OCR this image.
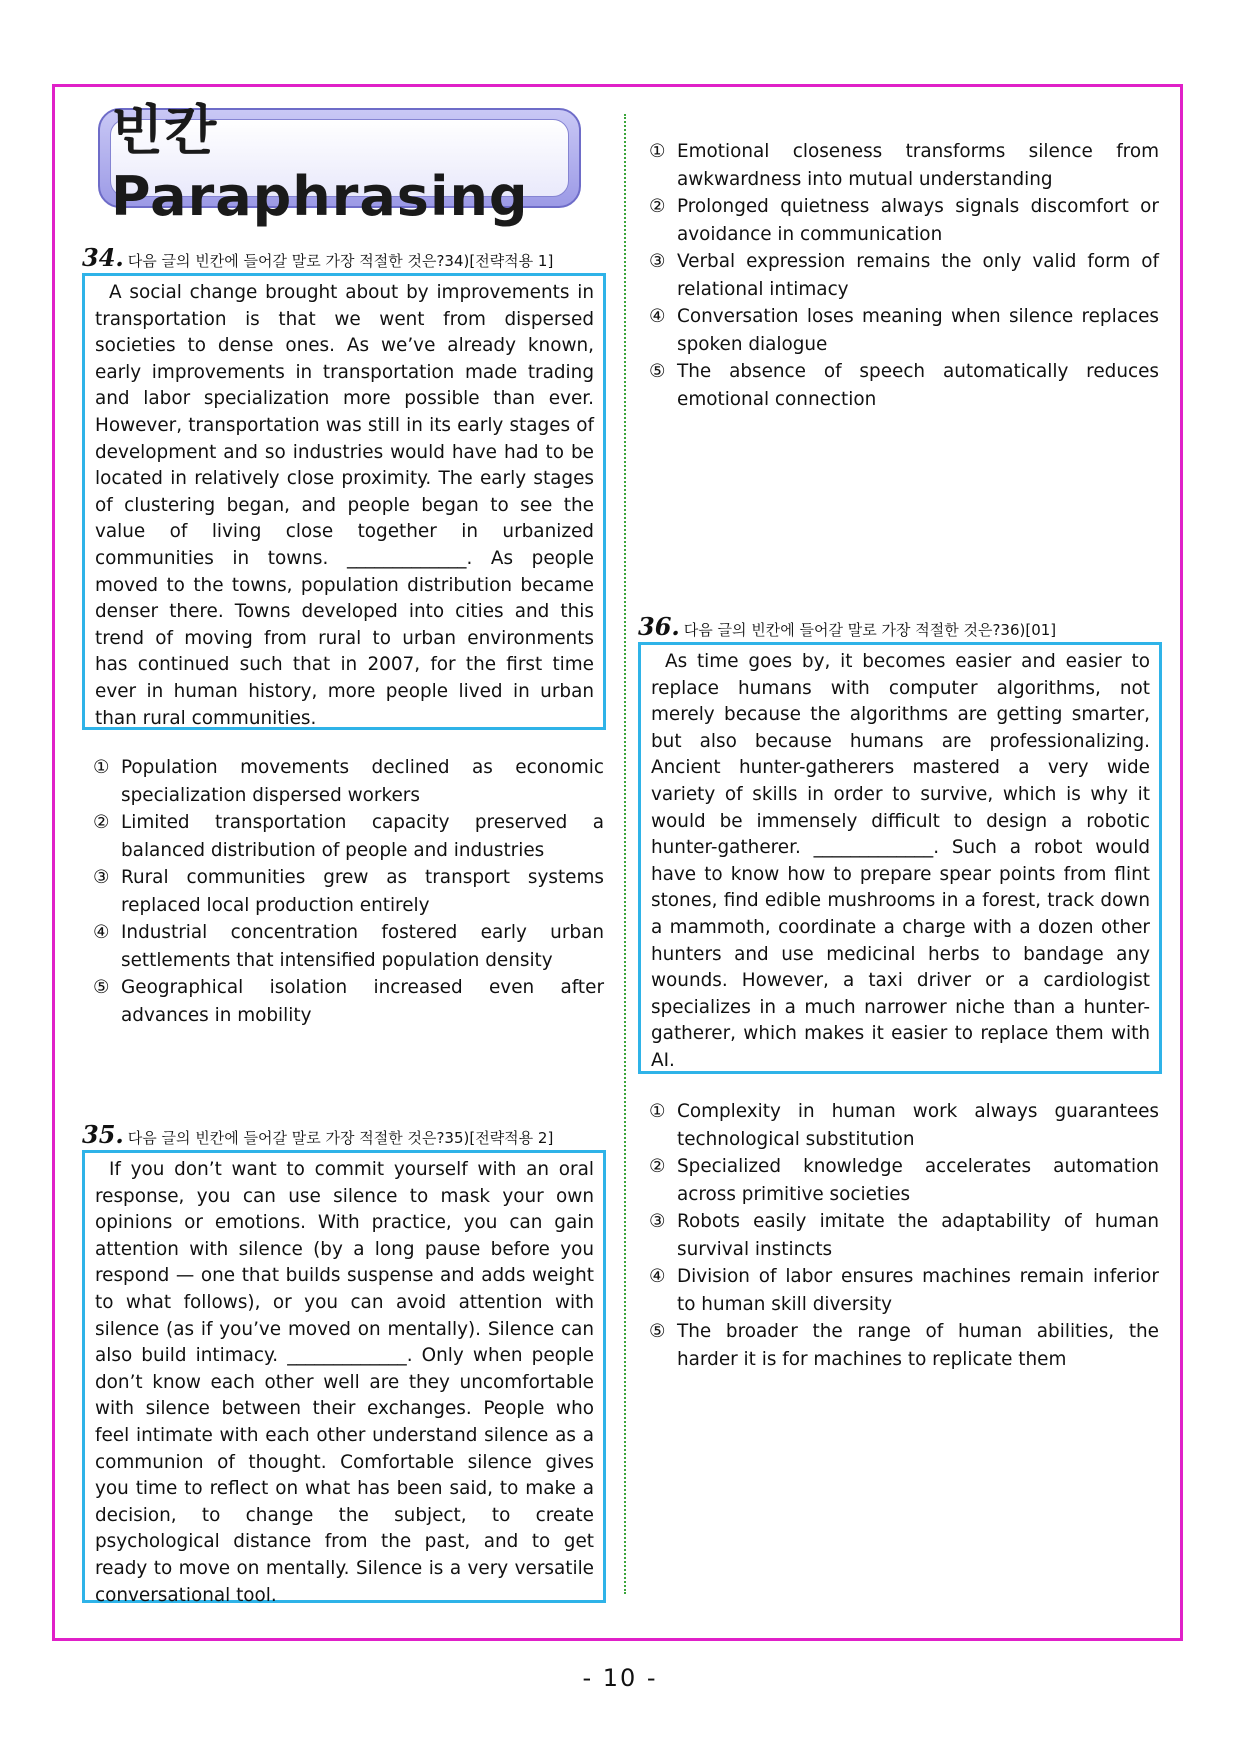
빈칸 Paraphrasing
34. 다음 글의 빈칸에 들어갈 말로 가장 적절한 것은?34)[전략적용 1]
A social change brought about by improvements in transportation is that we went from dispersed societies to dense ones. As we’ve already known, early improvements in transportation made trading and labor specialization more possible than ever. However, transportation was still in its early stages of development and so industries would have had to be located in relatively close proximity. The early stages of clustering began, and people began to see the value of living close together in urbanized communities in towns. _____________. As people moved to the towns, population distribution became denser there. Towns developed into cities and this trend of moving from rural to urban environments has continued such that in 2007, for the first time ever in human history, more people lived in urban than rural communities.
① Population movements declined as economic specialization dispersed workers
② Limited transportation capacity preserved a balanced distribution of people and industries
③ Rural communities grew as transport systems replaced local production entirely
④ Industrial concentration fostered early urban settlements that intensified population density
⑤ Geographical isolation increased even after advances in mobility
35. 다음 글의 빈칸에 들어갈 말로 가장 적절한 것은?35)[전략적용 2]
If you don’t want to commit yourself with an oral response, you can use silence to mask your own opinions or emotions. With practice, you can gain attention with silence (by a long pause before you respond — one that builds suspense and adds weight to what follows), or you can avoid attention with silence (as if you’ve moved on mentally). Silence can also build intimacy. _____________. Only when people don’t know each other well are they uncomfortable with silence between their exchanges. People who feel intimate with each other understand silence as a communion of thought. Comfortable silence gives you time to reflect on what has been said, to make a decision, to change the subject, to create psychological distance from the past, and to get ready to move on mentally. Silence is a very versatile conversational tool.
① Emotional closeness transforms silence from awkwardness into mutual understanding
② Prolonged quietness always signals discomfort or avoidance in communication
③ Verbal expression remains the only valid form of relational intimacy
④ Conversation loses meaning when silence replaces spoken dialogue
⑤ The absence of speech automatically reduces emotional connection
36. 다음 글의 빈칸에 들어갈 말로 가장 적절한 것은?36)[01]
As time goes by, it becomes easier and easier to replace humans with computer algorithms, not merely because the algorithms are getting smarter, but also because humans are professionalizing. Ancient hunter-gatherers mastered a very wide variety of skills in order to survive, which is why it would be immensely difficult to design a robotic hunter-gatherer. _____________. Such a robot would have to know how to prepare spear points from flint stones, find edible mushrooms in a forest, track down a mammoth, coordinate a charge with a dozen other hunters and use medicinal herbs to bandage any wounds. However, a taxi driver or a cardiologist specializes in a much narrower niche than a hunter-gatherer, which makes it easier to replace them with AI.
① Complexity in human work always guarantees technological substitution
② Specialized knowledge accelerates automation across primitive societies
③ Robots easily imitate the adaptability of human survival instincts
④ Division of labor ensures machines remain inferior to human skill diversity
⑤ The broader the range of human abilities, the harder it is for machines to replicate them
- 10 -
